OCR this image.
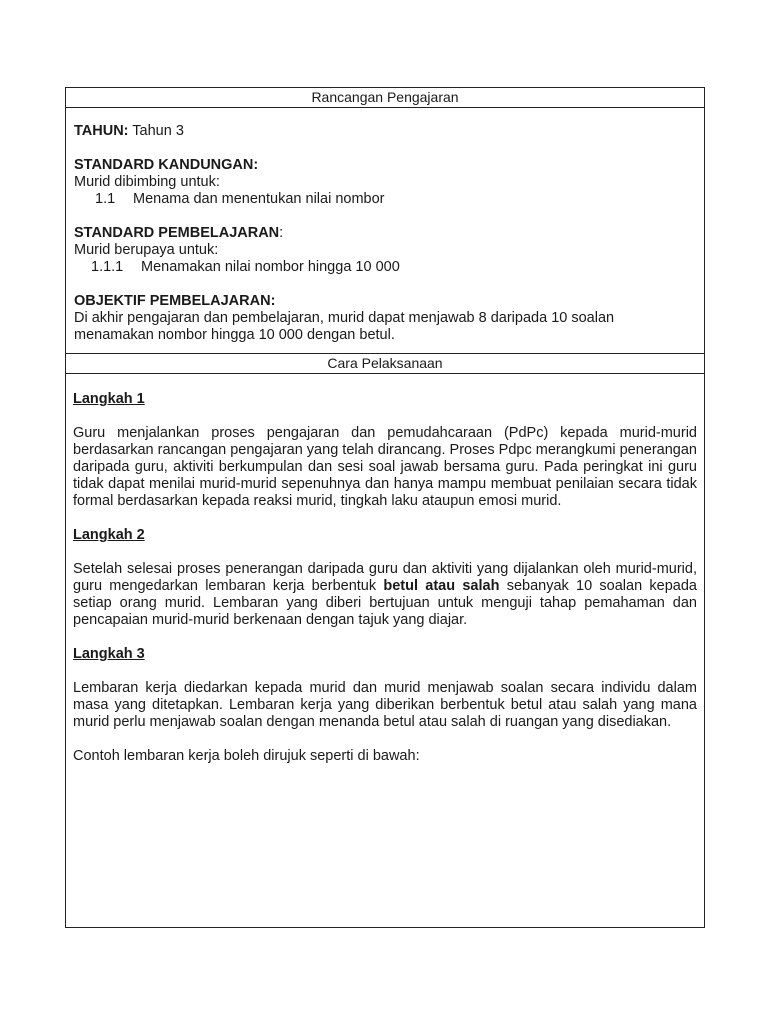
Rancangan Pengajaran
TAHUN: Tahun 3
STANDARD KANDUNGAN:
Murid dibimbing untuk:
1.1 Menama dan menentukan nilai nombor
STANDARD PEMBELAJARAN:
Murid berupaya untuk:
1.1.1 Menamakan nilai nombor hingga 10 000
OBJEKTIF PEMBELAJARAN:
Di akhir pengajaran dan pembelajaran, murid dapat menjawab 8 daripada 10 soalan menamakan nombor hingga 10 000 dengan betul.
Cara Pelaksanaan
Langkah 1
Guru menjalankan proses pengajaran dan pemudahcaraan (PdPc) kepada murid-murid berdasarkan rancangan pengajaran yang telah dirancang. Proses Pdpc merangkumi penerangan daripada guru, aktiviti berkumpulan dan sesi soal jawab bersama guru. Pada peringkat ini guru tidak dapat menilai murid-murid sepenuhnya dan hanya mampu membuat penilaian secara tidak formal berdasarkan kepada reaksi murid, tingkah laku ataupun emosi murid.
Langkah 2
Setelah selesai proses penerangan daripada guru dan aktiviti yang dijalankan oleh murid-murid, guru mengedarkan lembaran kerja berbentuk betul atau salah sebanyak 10 soalan kepada setiap orang murid. Lembaran yang diberi bertujuan untuk menguji tahap pemahaman dan pencapaian murid-murid berkenaan dengan tajuk yang diajar.
Langkah 3
Lembaran kerja diedarkan kepada murid dan murid menjawab soalan secara individu dalam masa yang ditetapkan. Lembaran kerja yang diberikan berbentuk betul atau salah yang mana murid perlu menjawab soalan dengan menanda betul atau salah di ruangan yang disediakan.
Contoh lembaran kerja boleh dirujuk seperti di bawah:
